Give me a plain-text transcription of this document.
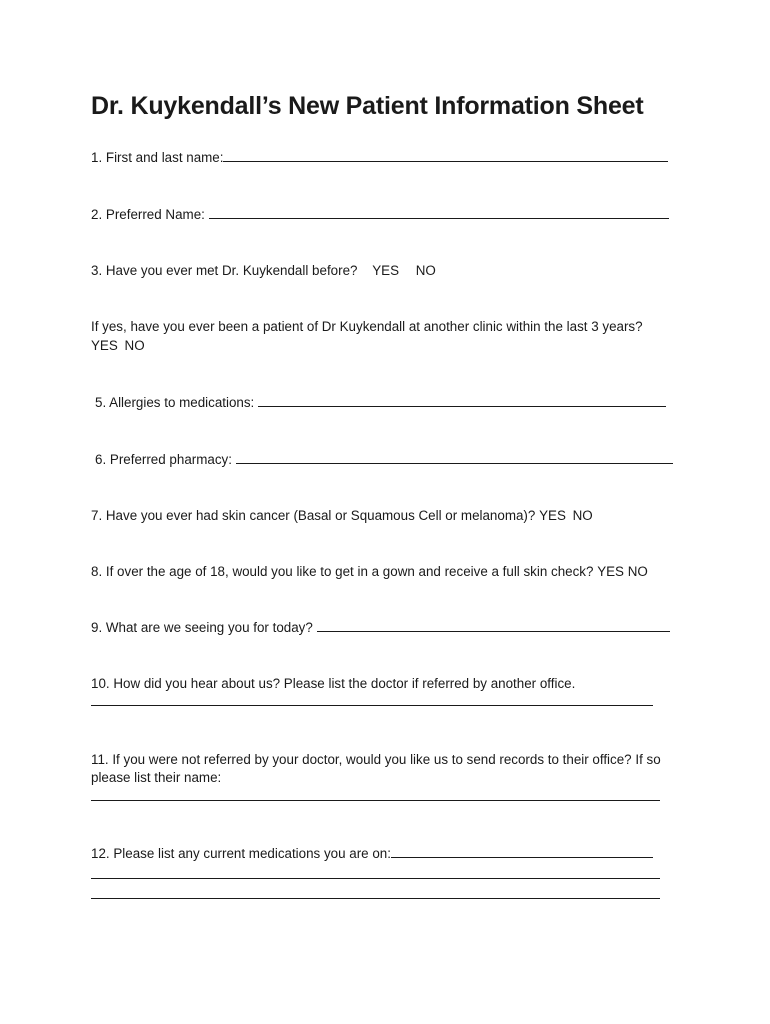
Dr. Kuykendall’s New Patient Information Sheet
1. First and last name:
2. Preferred Name:
3. Have you ever met Dr. Kuykendall before? YES NO
If yes, have you ever been a patient of Dr Kuykendall at another clinic within the last 3 years?
YES NO
5. Allergies to medications:
6. Preferred pharmacy:
7. Have you ever had skin cancer (Basal or Squamous Cell or melanoma)? YES NO
8. If over the age of 18, would you like to get in a gown and receive a full skin check? YES NO
9. What are we seeing you for today?
10. How did you hear about us? Please list the doctor if referred by another office.
11. If you were not referred by your doctor, would you like us to send records to their office? If so
please list their name:
12. Please list any current medications you are on:
